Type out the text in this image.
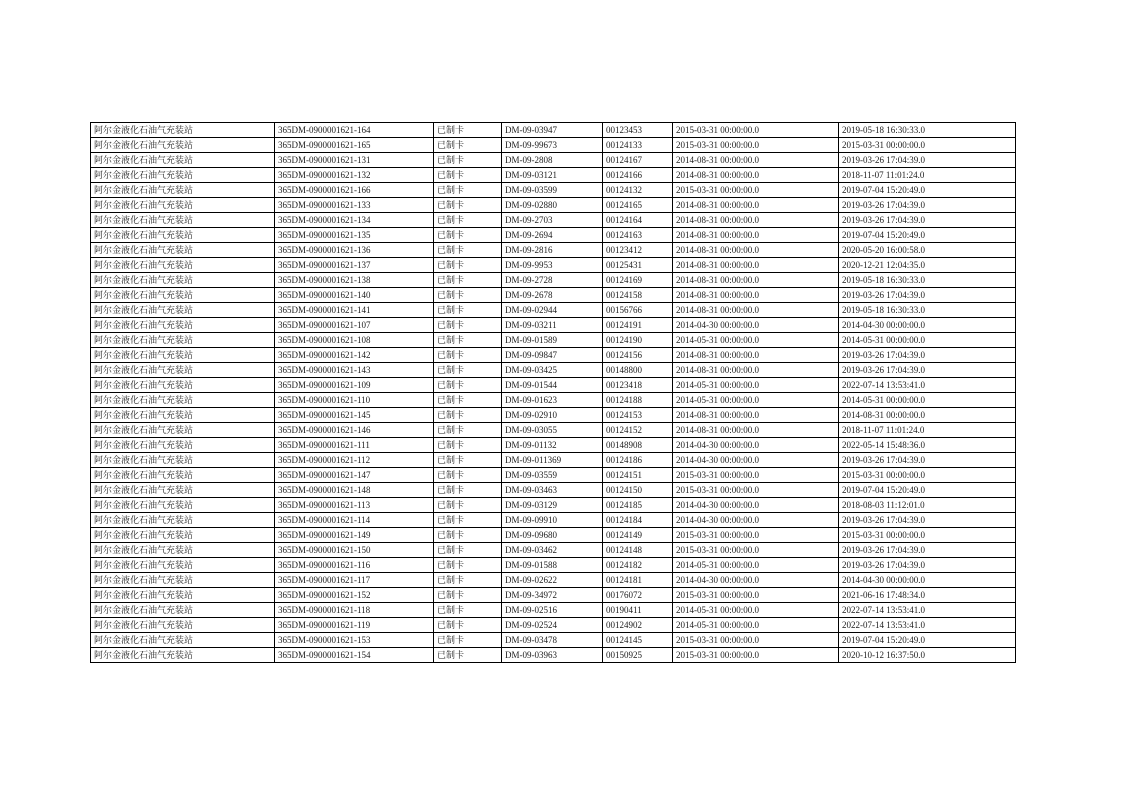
阿尔金液化石油气充装站	365DM-0900001621-164	已制卡	DM-09-03947	00123453	2015-03-31 00:00:00.0	2019-05-18 16:30:33.0
阿尔金液化石油气充装站	365DM-0900001621-165	已制卡	DM-09-99673	00124133	2015-03-31 00:00:00.0	2015-03-31 00:00:00.0
阿尔金液化石油气充装站	365DM-0900001621-131	已制卡	DM-09-2808	00124167	2014-08-31 00:00:00.0	2019-03-26 17:04:39.0
阿尔金液化石油气充装站	365DM-0900001621-132	已制卡	DM-09-03121	00124166	2014-08-31 00:00:00.0	2018-11-07 11:01:24.0
阿尔金液化石油气充装站	365DM-0900001621-166	已制卡	DM-09-03599	00124132	2015-03-31 00:00:00.0	2019-07-04 15:20:49.0
阿尔金液化石油气充装站	365DM-0900001621-133	已制卡	DM-09-02880	00124165	2014-08-31 00:00:00.0	2019-03-26 17:04:39.0
阿尔金液化石油气充装站	365DM-0900001621-134	已制卡	DM-09-2703	00124164	2014-08-31 00:00:00.0	2019-03-26 17:04:39.0
阿尔金液化石油气充装站	365DM-0900001621-135	已制卡	DM-09-2694	00124163	2014-08-31 00:00:00.0	2019-07-04 15:20:49.0
阿尔金液化石油气充装站	365DM-0900001621-136	已制卡	DM-09-2816	00123412	2014-08-31 00:00:00.0	2020-05-20 16:00:58.0
阿尔金液化石油气充装站	365DM-0900001621-137	已制卡	DM-09-9953	00125431	2014-08-31 00:00:00.0	2020-12-21 12:04:35.0
阿尔金液化石油气充装站	365DM-0900001621-138	已制卡	DM-09-2728	00124169	2014-08-31 00:00:00.0	2019-05-18 16:30:33.0
阿尔金液化石油气充装站	365DM-0900001621-140	已制卡	DM-09-2678	00124158	2014-08-31 00:00:00.0	2019-03-26 17:04:39.0
阿尔金液化石油气充装站	365DM-0900001621-141	已制卡	DM-09-02944	00156766	2014-08-31 00:00:00.0	2019-05-18 16:30:33.0
阿尔金液化石油气充装站	365DM-0900001621-107	已制卡	DM-09-03211	00124191	2014-04-30 00:00:00.0	2014-04-30 00:00:00.0
阿尔金液化石油气充装站	365DM-0900001621-108	已制卡	DM-09-01589	00124190	2014-05-31 00:00:00.0	2014-05-31 00:00:00.0
阿尔金液化石油气充装站	365DM-0900001621-142	已制卡	DM-09-09847	00124156	2014-08-31 00:00:00.0	2019-03-26 17:04:39.0
阿尔金液化石油气充装站	365DM-0900001621-143	已制卡	DM-09-03425	00148800	2014-08-31 00:00:00.0	2019-03-26 17:04:39.0
阿尔金液化石油气充装站	365DM-0900001621-109	已制卡	DM-09-01544	00123418	2014-05-31 00:00:00.0	2022-07-14 13:53:41.0
阿尔金液化石油气充装站	365DM-0900001621-110	已制卡	DM-09-01623	00124188	2014-05-31 00:00:00.0	2014-05-31 00:00:00.0
阿尔金液化石油气充装站	365DM-0900001621-145	已制卡	DM-09-02910	00124153	2014-08-31 00:00:00.0	2014-08-31 00:00:00.0
阿尔金液化石油气充装站	365DM-0900001621-146	已制卡	DM-09-03055	00124152	2014-08-31 00:00:00.0	2018-11-07 11:01:24.0
阿尔金液化石油气充装站	365DM-0900001621-111	已制卡	DM-09-01132	00148908	2014-04-30 00:00:00.0	2022-05-14 15:48:36.0
阿尔金液化石油气充装站	365DM-0900001621-112	已制卡	DM-09-011369	00124186	2014-04-30 00:00:00.0	2019-03-26 17:04:39.0
阿尔金液化石油气充装站	365DM-0900001621-147	已制卡	DM-09-03559	00124151	2015-03-31 00:00:00.0	2015-03-31 00:00:00.0
阿尔金液化石油气充装站	365DM-0900001621-148	已制卡	DM-09-03463	00124150	2015-03-31 00:00:00.0	2019-07-04 15:20:49.0
阿尔金液化石油气充装站	365DM-0900001621-113	已制卡	DM-09-03129	00124185	2014-04-30 00:00:00.0	2018-08-03 11:12:01.0
阿尔金液化石油气充装站	365DM-0900001621-114	已制卡	DM-09-09910	00124184	2014-04-30 00:00:00.0	2019-03-26 17:04:39.0
阿尔金液化石油气充装站	365DM-0900001621-149	已制卡	DM-09-09680	00124149	2015-03-31 00:00:00.0	2015-03-31 00:00:00.0
阿尔金液化石油气充装站	365DM-0900001621-150	已制卡	DM-09-03462	00124148	2015-03-31 00:00:00.0	2019-03-26 17:04:39.0
阿尔金液化石油气充装站	365DM-0900001621-116	已制卡	DM-09-01588	00124182	2014-05-31 00:00:00.0	2019-03-26 17:04:39.0
阿尔金液化石油气充装站	365DM-0900001621-117	已制卡	DM-09-02622	00124181	2014-04-30 00:00:00.0	2014-04-30 00:00:00.0
阿尔金液化石油气充装站	365DM-0900001621-152	已制卡	DM-09-34972	00176072	2015-03-31 00:00:00.0	2021-06-16 17:48:34.0
阿尔金液化石油气充装站	365DM-0900001621-118	已制卡	DM-09-02516	00190411	2014-05-31 00:00:00.0	2022-07-14 13:53:41.0
阿尔金液化石油气充装站	365DM-0900001621-119	已制卡	DM-09-02524	00124902	2014-05-31 00:00:00.0	2022-07-14 13:53:41.0
阿尔金液化石油气充装站	365DM-0900001621-153	已制卡	DM-09-03478	00124145	2015-03-31 00:00:00.0	2019-07-04 15:20:49.0
阿尔金液化石油气充装站	365DM-0900001621-154	已制卡	DM-09-03963	00150925	2015-03-31 00:00:00.0	2020-10-12 16:37:50.0
